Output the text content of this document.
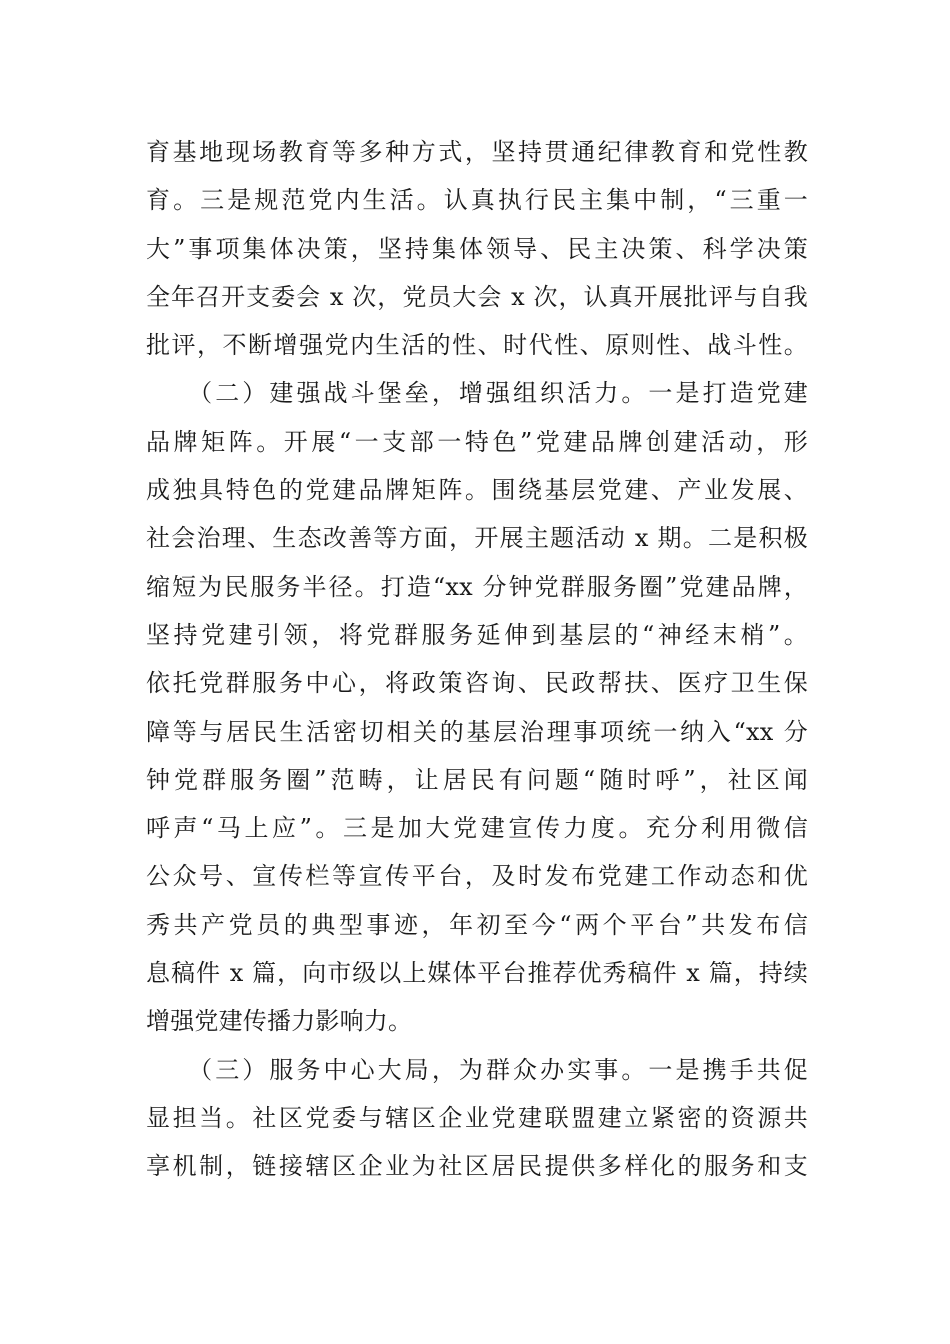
育基地现场教育等多种方式，坚持贯通纪律教育和党性教
育。三是规范党内生活。认真执行民主集中制，“三重一
大”事项集体决策，坚持集体领导、民主决策、科学决策
全年召开支委会 x 次，党员大会 x 次，认真开展批评与自我
批评，不断增强党内生活的性、时代性、原则性、战斗性。
　　（二）建强战斗堡垒，增强组织活力。一是打造党建
品牌矩阵。开展“一支部一特色”党建品牌创建活动，形
成独具特色的党建品牌矩阵。围绕基层党建、产业发展、
社会治理、生态改善等方面，开展主题活动 x 期。二是积极
缩短为民服务半径。打造“xx 分钟党群服务圈”党建品牌，
坚持党建引领，将党群服务延伸到基层的“神经末梢”。
依托党群服务中心，将政策咨询、民政帮扶、医疗卫生保
障等与居民生活密切相关的基层治理事项统一纳入“xx 分
钟党群服务圈”范畴，让居民有问题“随时呼”，社区闻
呼声“马上应”。三是加大党建宣传力度。充分利用微信
公众号、宣传栏等宣传平台，及时发布党建工作动态和优
秀共产党员的典型事迹，年初至今“两个平台”共发布信
息稿件 x 篇，向市级以上媒体平台推荐优秀稿件 x 篇，持续
增强党建传播力影响力。
　　（三）服务中心大局，为群众办实事。一是携手共促
显担当。社区党委与辖区企业党建联盟建立紧密的资源共
享机制，链接辖区企业为社区居民提供多样化的服务和支
